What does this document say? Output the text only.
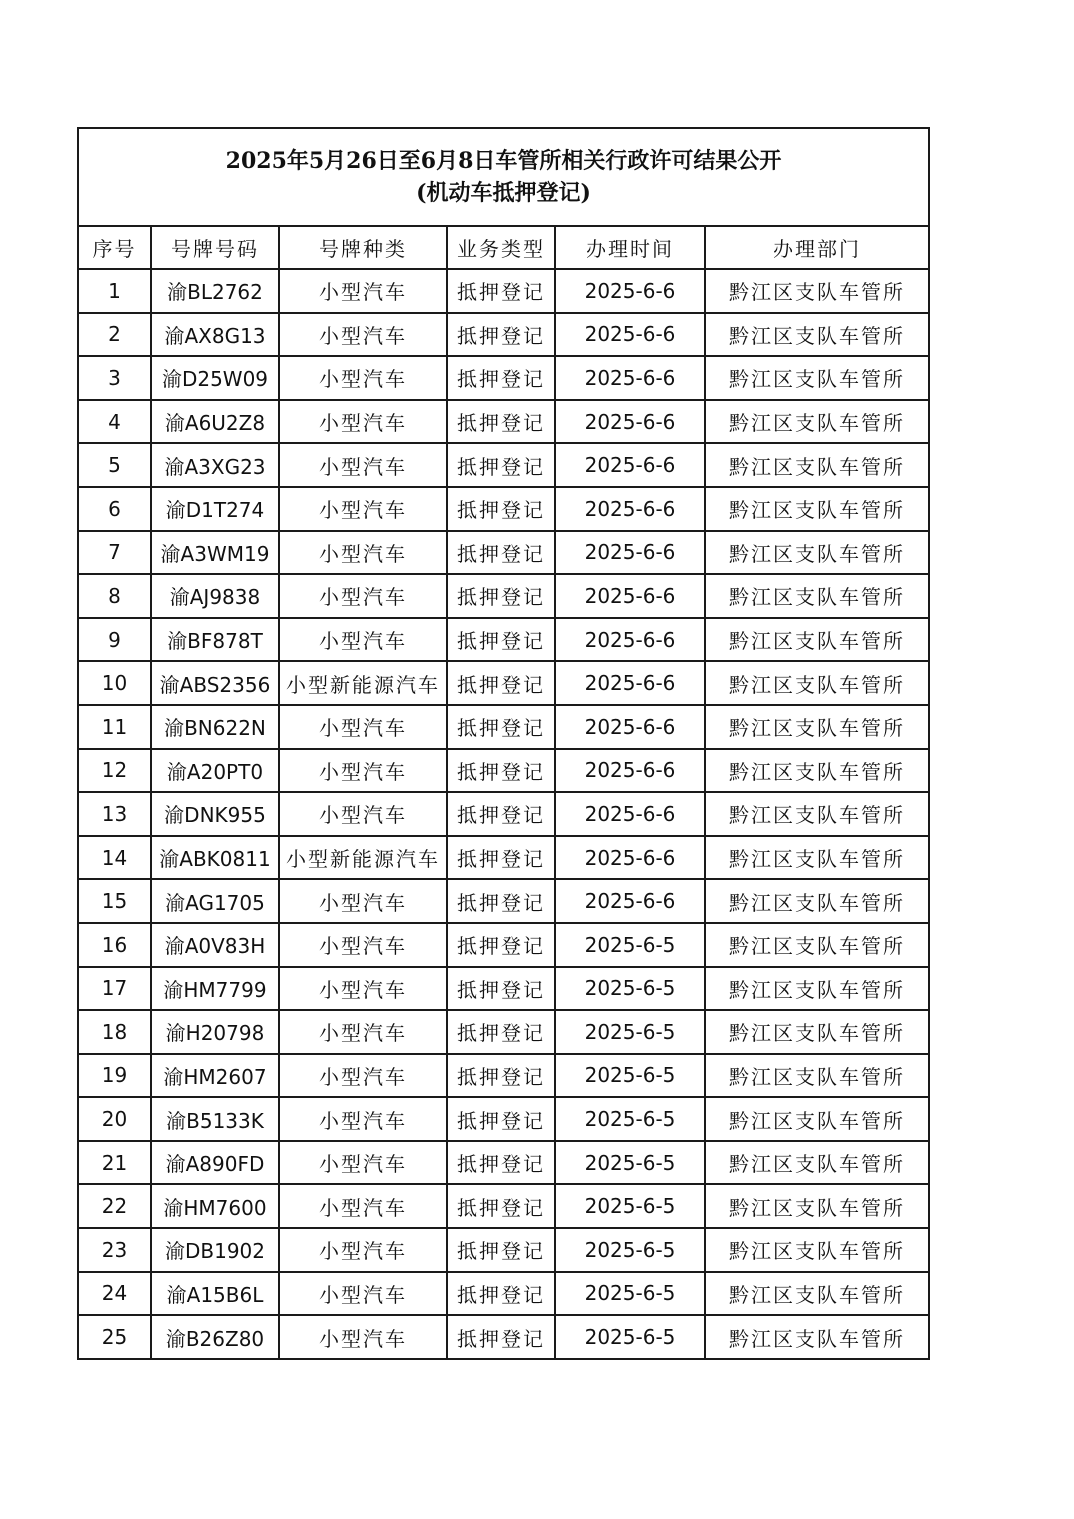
2025年5月26日至6月8日车管所相关行政许可结果公开
(机动车抵押登记)					

序号	号牌号码	号牌种类	业务类型	办理时间	办理部门
1	渝BL2762	小型汽车	抵押登记	2025-6-6	黔江区支队车管所
2	渝AX8G13	小型汽车	抵押登记	2025-6-6	黔江区支队车管所
3	渝D25W09	小型汽车	抵押登记	2025-6-6	黔江区支队车管所
4	渝A6U2Z8	小型汽车	抵押登记	2025-6-6	黔江区支队车管所
5	渝A3XG23	小型汽车	抵押登记	2025-6-6	黔江区支队车管所
6	渝D1T274	小型汽车	抵押登记	2025-6-6	黔江区支队车管所
7	渝A3WM19	小型汽车	抵押登记	2025-6-6	黔江区支队车管所
8	渝AJ9838	小型汽车	抵押登记	2025-6-6	黔江区支队车管所
9	渝BF878T	小型汽车	抵押登记	2025-6-6	黔江区支队车管所
10	渝ABS2356	小型新能源汽车	抵押登记	2025-6-6	黔江区支队车管所
11	渝BN622N	小型汽车	抵押登记	2025-6-6	黔江区支队车管所
12	渝A20PT0	小型汽车	抵押登记	2025-6-6	黔江区支队车管所
13	渝DNK955	小型汽车	抵押登记	2025-6-6	黔江区支队车管所
14	渝ABK0811	小型新能源汽车	抵押登记	2025-6-6	黔江区支队车管所
15	渝AG1705	小型汽车	抵押登记	2025-6-6	黔江区支队车管所
16	渝A0V83H	小型汽车	抵押登记	2025-6-5	黔江区支队车管所
17	渝HM7799	小型汽车	抵押登记	2025-6-5	黔江区支队车管所
18	渝H20798	小型汽车	抵押登记	2025-6-5	黔江区支队车管所
19	渝HM2607	小型汽车	抵押登记	2025-6-5	黔江区支队车管所
20	渝B5133K	小型汽车	抵押登记	2025-6-5	黔江区支队车管所
21	渝A890FD	小型汽车	抵押登记	2025-6-5	黔江区支队车管所
22	渝HM7600	小型汽车	抵押登记	2025-6-5	黔江区支队车管所
23	渝DB1902	小型汽车	抵押登记	2025-6-5	黔江区支队车管所
24	渝A15B6L	小型汽车	抵押登记	2025-6-5	黔江区支队车管所
25	渝B26Z80	小型汽车	抵押登记	2025-6-5	黔江区支队车管所
